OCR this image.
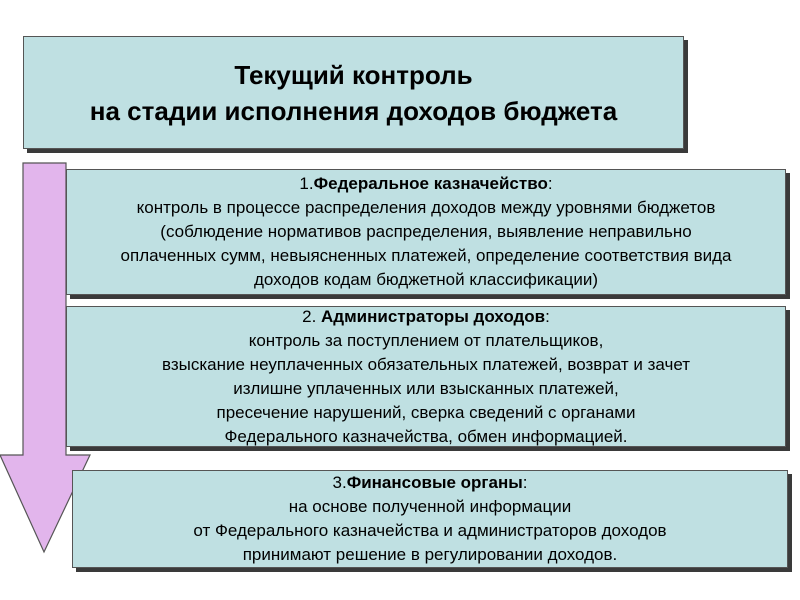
Текущий контроль
на стадии исполнения доходов бюджета
1.Федеральное казначейство:
контроль в процессе распределения доходов между уровнями бюджетов
(соблюдение нормативов распределения, выявление неправильно
оплаченных сумм, невыясненных платежей, определение соответствия вида
доходов кодам бюджетной классификации)
2. Администраторы доходов:
контроль за поступлением от плательщиков,
взыскание неуплаченных обязательных платежей, возврат и зачет
излишне уплаченных или взысканных платежей,
пресечение нарушений, сверка сведений с органами
Федерального казначейства, обмен информацией.
3.Финансовые органы:
на основе полученной информации
от Федерального казначейства и администраторов доходов
принимают решение в регулировании доходов.
